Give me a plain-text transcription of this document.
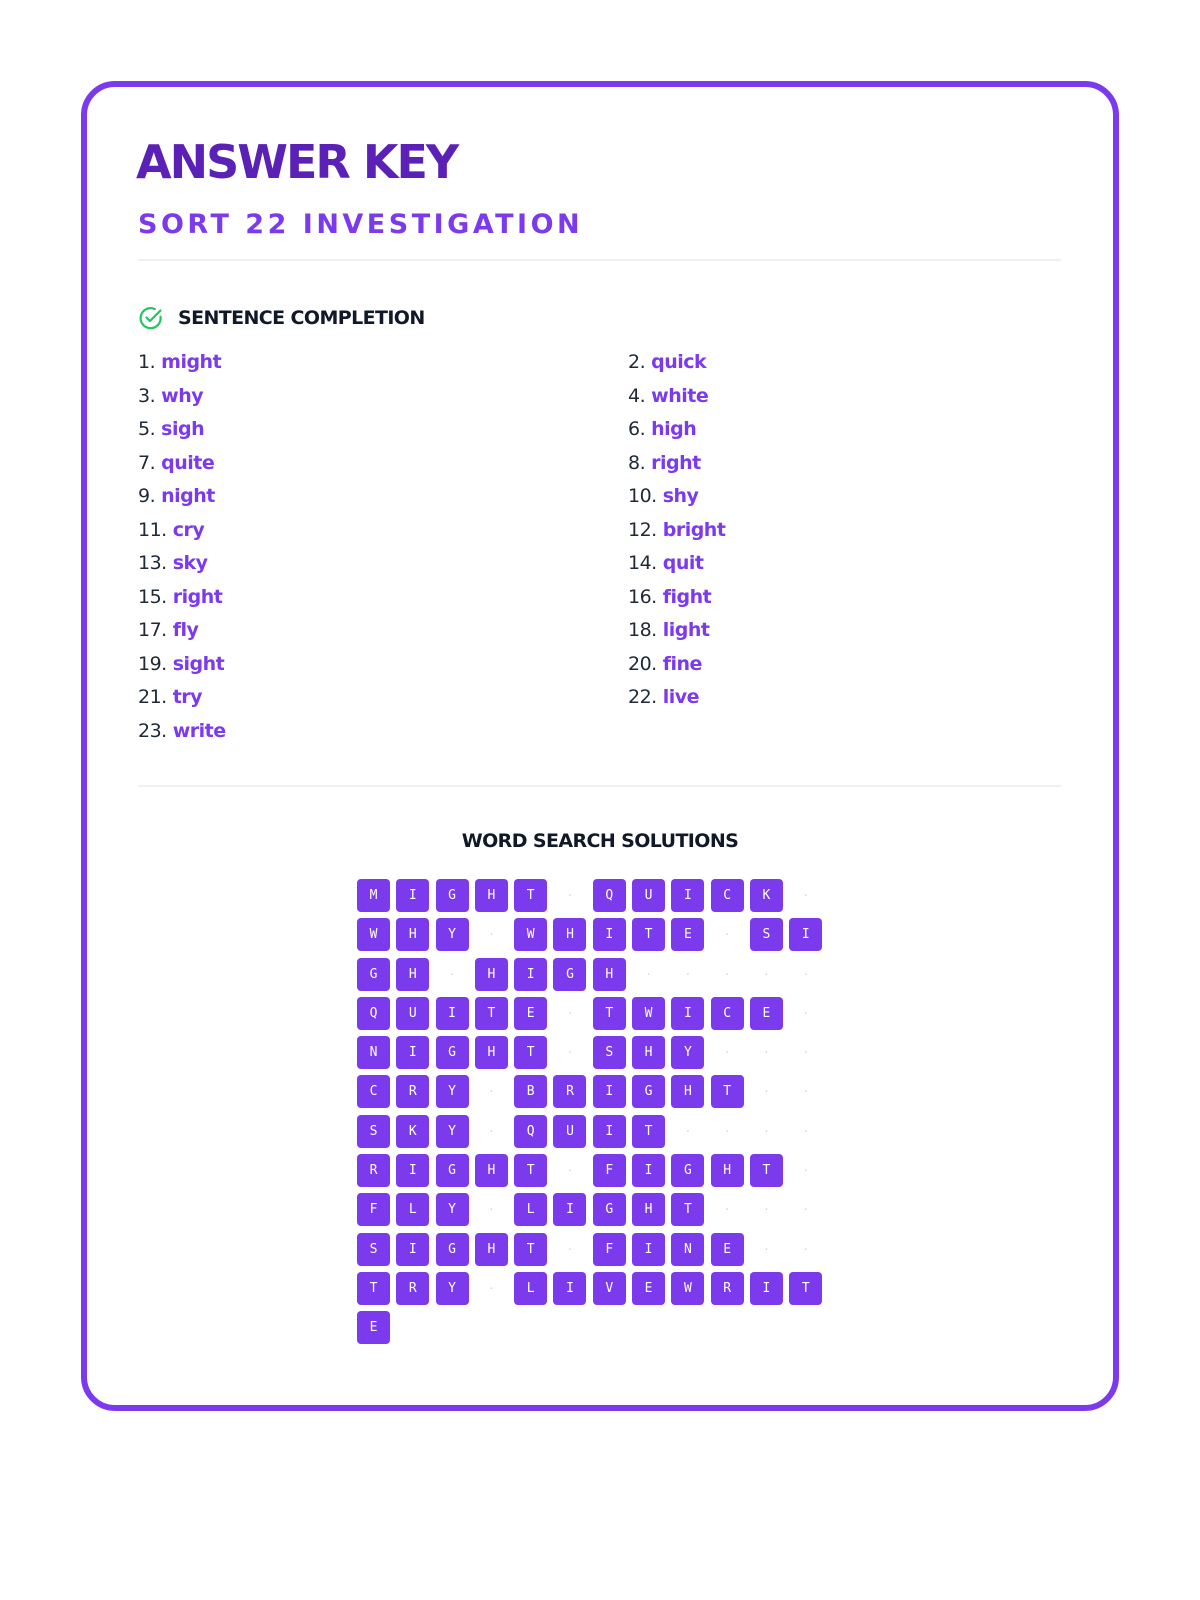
ANSWER KEY
SORT 22 INVESTIGATION
SENTENCE COMPLETION
1. might	2. quick
3. why	4. white
5. sigh	6. high
7. quite	8. right
9. night	10. shy
11. cry	12. bright
13. sky	14. quit
15. right	16. fight
17. fly	18. light
19. sight	20. fine
21. try	22. live
23. write
WORD SEARCH SOLUTIONS
M	I	G	H	T	·	Q	U	I	C	K	·
W	H	Y	·	W	H	I	T	E	·	S	I
G	H	·	H	I	G	H	·	·	·	·	·
Q	U	I	T	E	·	T	W	I	C	E	·
N	I	G	H	T	·	S	H	Y	·	·	·
C	R	Y	·	B	R	I	G	H	T	·	·
S	K	Y	·	Q	U	I	T	·	·	·	·
R	I	G	H	T	·	F	I	G	H	T	·
F	L	Y	·	L	I	G	H	T	·	·	·
S	I	G	H	T	·	F	I	N	E	·	·
T	R	Y	·	L	I	V	E	W	R	I	T
E
